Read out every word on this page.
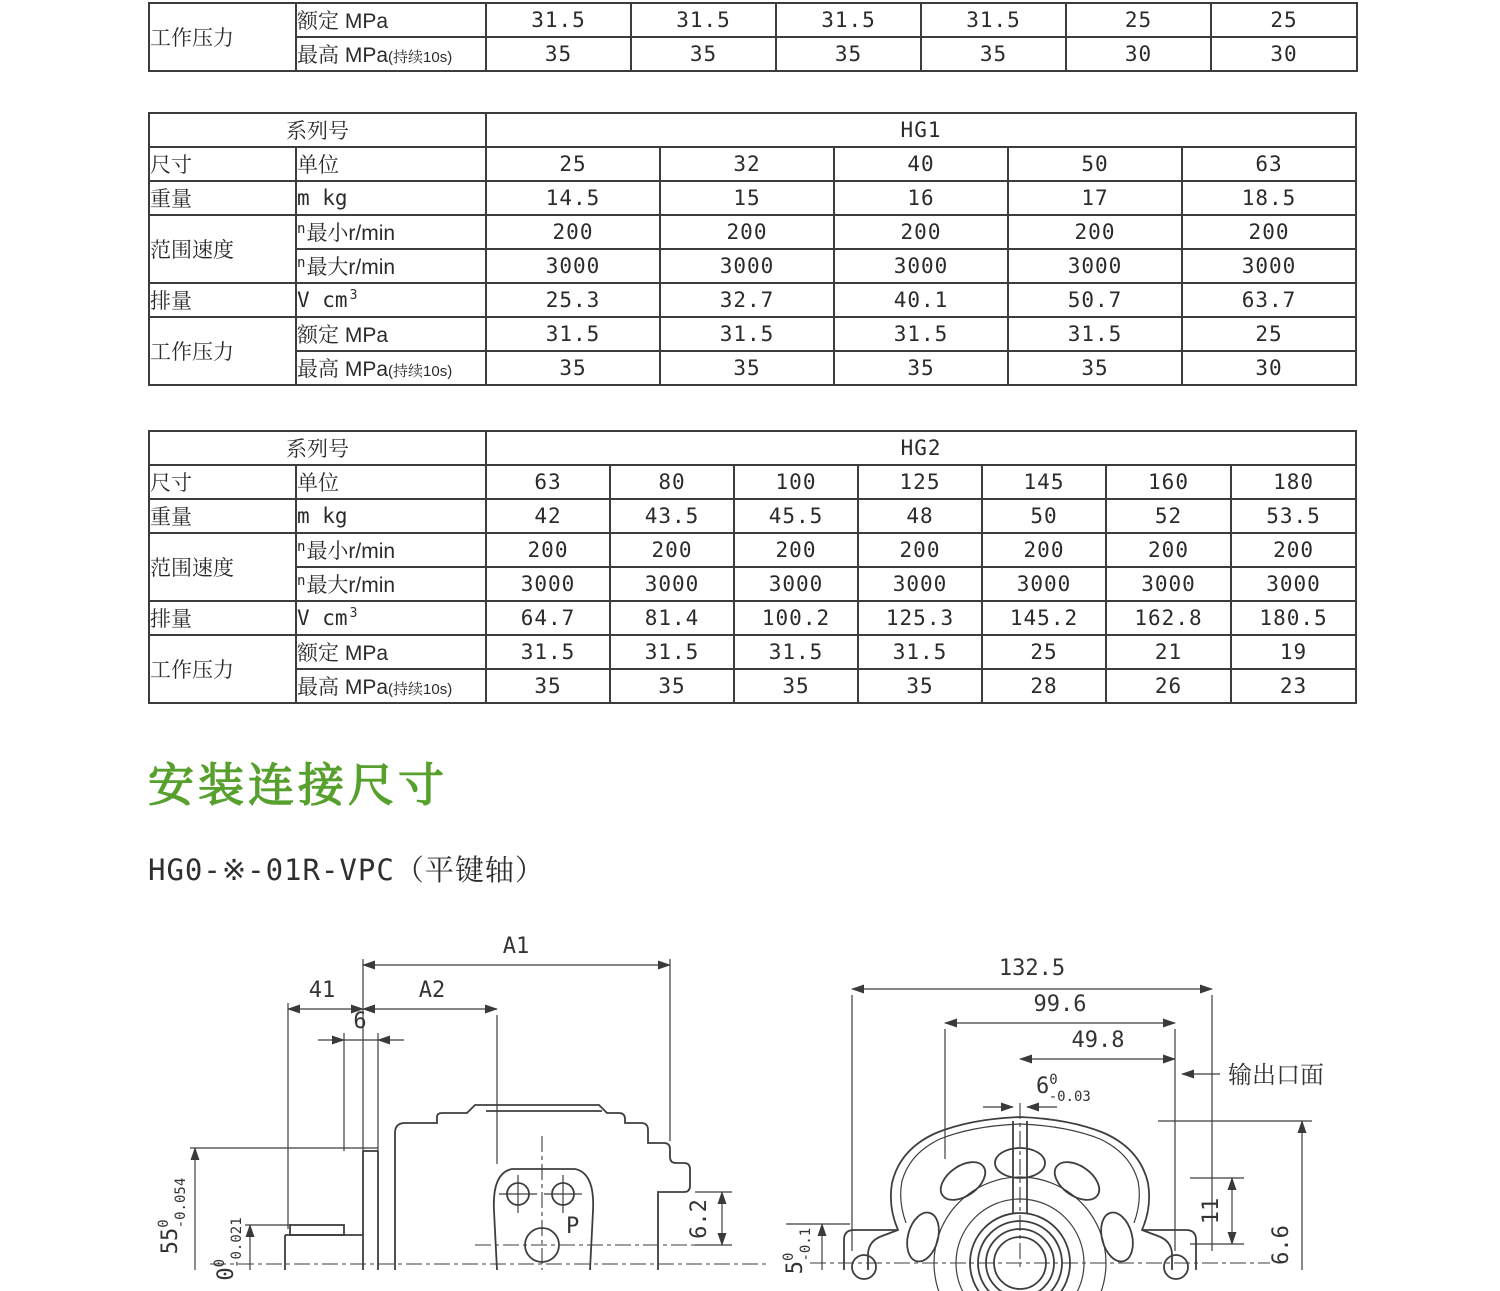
工作压力	额定 MPa	31.5	31.5	31.5	31.5	25	25
	最高 MPa(持续10s)	35	35	35	35	30	30
系列号		HG1				
尺寸	单位	25	32	40	50	63
重量	m kg	14.5	15	16	17	18.5
范围速度	$^n$最小r/min	200	200	200	200	200
	$^n$最大r/min	3000	3000	3000	3000	3000
排量	V cm $^3$	25.3	32.7	40.1	50.7	63.7
工作压力	额定 MPa	31.5	31.5	31.5	31.5	25
	最高 MPa(持续10s)	35	35	35	35	30
系列号		HG2						
尺寸	单位	63	80	100	125	145	160	180
重量	m kg	42	43.5	45.5	48	50	52	53.5
范围速度	$^n$最小r/min	200	200	200	200	200	200	200
	$^n$最大r/min	3000	3000	3000	3000	3000	3000	3000
排量	V cm $^3$	64.7	81.4	100.2	125.3	145.2	162.8	180.5
工作压力	额定 MPa	31.5	31.5	31.5	31.5	25	21	19
	最高 MPa(持续10s)	35	35	35	35	28	26	23
安装连接尺寸
HG0-※-01R-VPC（平键轴）
P
A1
41	A2
6
6.2
$55^0-0.054$
$0^0-0.021$
132.5
99.6
49.8
$6^0$ -0.03
输出口面
11
6.6
$5^0-0.1$
